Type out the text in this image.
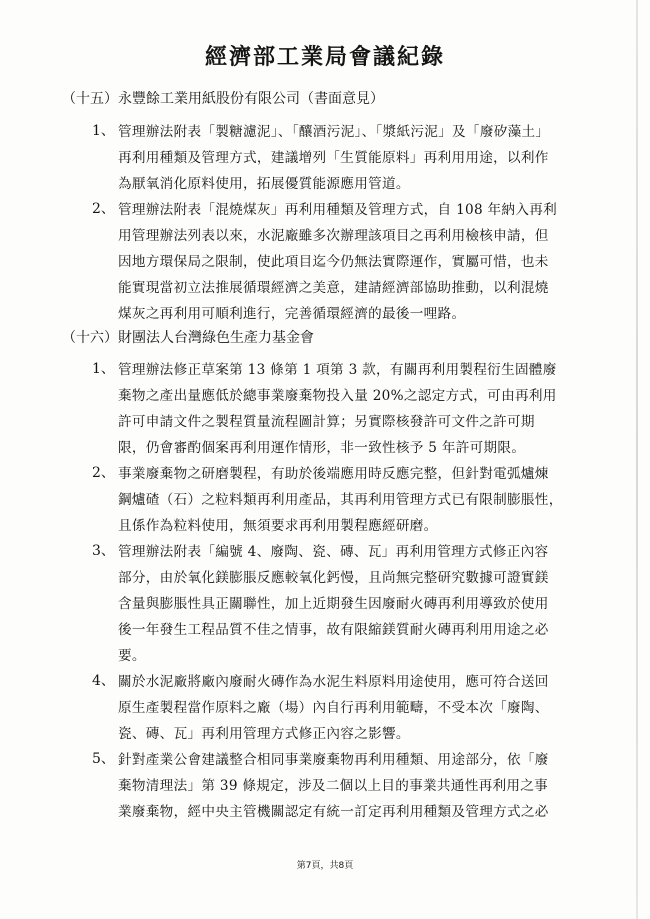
經濟部工業局會議紀錄
（十五）永豐餘工業用紙股份有限公司（書面意見）
1、 管理辦法附表「製糖濾泥」、「釀酒污泥」、「漿紙污泥」及「廢矽藻土」
再利用種類及管理方式，建議增列「生質能原料」再利用用途，以利作
為厭氧消化原料使用，拓展優質能源應用管道。
2、 管理辦法附表「混燒煤灰」再利用種類及管理方式，自 108 年納入再利
用管理辦法列表以來，水泥廠雖多次辦理該項目之再利用檢核申請，但
因地方環保局之限制，使此項目迄今仍無法實際運作，實屬可惜，也未
能實現當初立法推展循環經濟之美意，建請經濟部協助推動，以利混燒
煤灰之再利用可順利進行，完善循環經濟的最後一哩路。
（十六）財團法人台灣綠色生產力基金會
1、 管理辦法修正草案第 13 條第 1 項第 3 款，有關再利用製程衍生固體廢
棄物之產出量應低於總事業廢棄物投入量 20%之認定方式，可由再利用
許可申請文件之製程質量流程圖計算；另實際核發許可文件之許可期
限，仍會審酌個案再利用運作情形，非一致性核予 5 年許可期限。
2、 事業廢棄物之研磨製程，有助於後端應用時反應完整，但針對電弧爐煉
鋼爐碴（石）之粒料類再利用產品，其再利用管理方式已有限制膨脹性，
且係作為粒料使用，無須要求再利用製程應經研磨。
3、 管理辦法附表「編號 4、廢陶、瓷、磚、瓦」再利用管理方式修正內容
部分，由於氧化鎂膨脹反應較氧化鈣慢，且尚無完整研究數據可證實鎂
含量與膨脹性具正關聯性，加上近期發生因廢耐火磚再利用導致於使用
後一年發生工程品質不佳之情事，故有限縮鎂質耐火磚再利用用途之必
要。
4、 關於水泥廠將廠內廢耐火磚作為水泥生料原料用途使用，應可符合送回
原生產製程當作原料之廠（場）內自行再利用範疇，不受本次「廢陶、
瓷、磚、瓦」再利用管理方式修正內容之影響。
5、 針對產業公會建議整合相同事業廢棄物再利用種類、用途部分，依「廢
棄物清理法」第 39 條規定，涉及二個以上目的事業共通性再利用之事
業廢棄物，經中央主管機關認定有統一訂定再利用種類及管理方式之必
第7頁，共8頁
